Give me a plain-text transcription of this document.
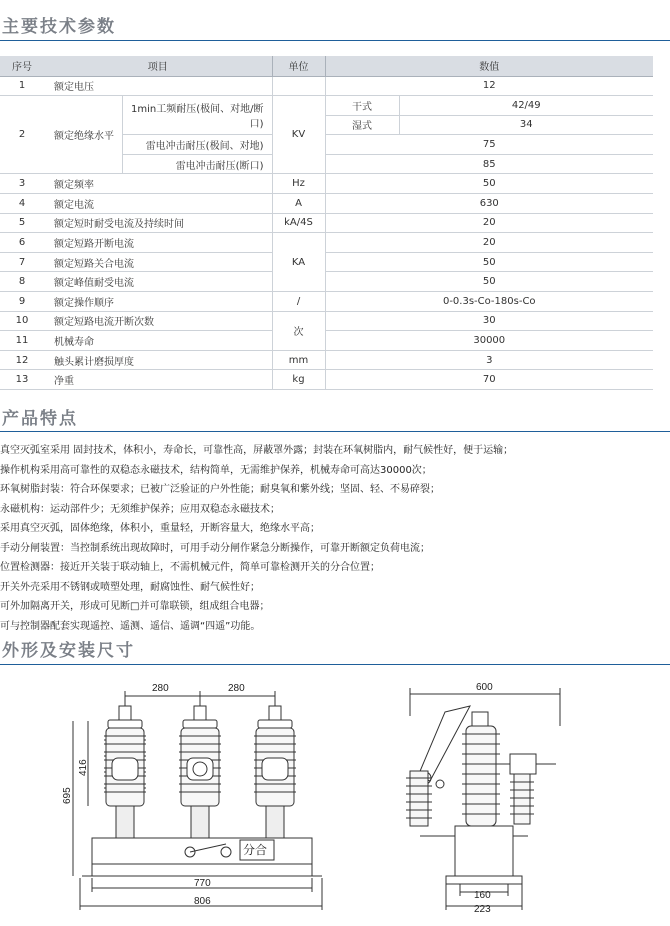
主要技术参数
序号	项目		单位	数值	
1	额定电压			12	
2	额定绝缘水平	1min工频耐压(极间、对地/断口)	KV	干式	42/49
				湿式	34
		雷电冲击耐压(极间、对地)		75	
		雷电冲击耐压(断口)		85	
3	额定频率		Hz	50	
4	额定电流		A	630	
5	额定短时耐受电流及持续时间		kA/4S	20	
6	额定短路开断电流		KA	20	
7	额定短路关合电流			50	
8	额定峰值耐受电流			50	
9	额定操作顺序		/	0-0.3s-Co-180s-Co	
10	额定短路电流开断次数		次	30	
11	机械寿命			30000	
12	触头累计磨损厚度		mm	3	
13	净重		kg	70	
产品特点
真空灭弧室采用 固封技术，体积小，寿命长，可靠性高，屏蔽罩外露；封装在环氧树脂内，耐气候性好，便于运输；
操作机构采用高可靠性的双稳态永磁技术，结构简单，无需维护保养，机械寿命可高达30000次；
环氧树脂封装：符合环保要求；已被广泛验证的户外性能；耐臭氧和紫外线；坚固、轻、不易碎裂；
永磁机构：运动部件少；无须维护保养；应用双稳态永磁技术；
采用真空灭弧，固体绝缘，体积小，重量轻，开断容量大，绝缘水平高；
手动分闸装置：当控制系统出现故障时，可用手动分闸作紧急分断操作，可靠开断额定负荷电流；
位置检测器：接近开关装于联动轴上，不需机械元件，简单可靠检测开关的分合位置；
开关外壳采用不锈钢或喷塑处理，耐腐蚀性、耐气候性好；
可外加隔离开关，形成可见断□并可靠联锁，组成组合电器；
可与控制器配套实现遥控、遥测、遥信、遥调“四遥”功能。
外形及安装尺寸
280	280
695
416
分合
770
806
600
160
223
